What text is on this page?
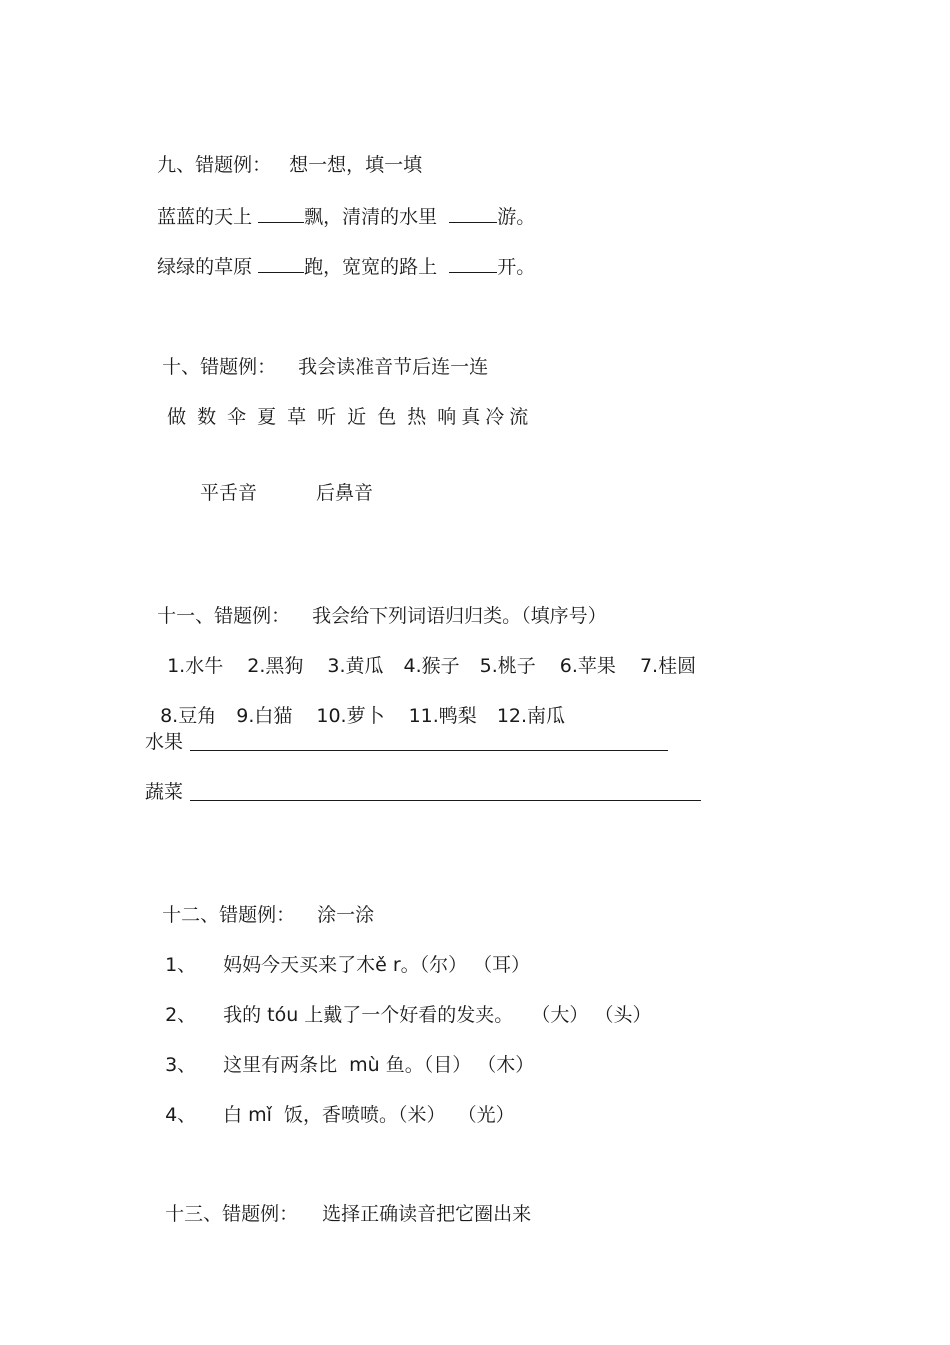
九、错题例： 想一想，填一填

蓝蓝的天上	飘，清清的水里	游。

绿绿的草原	跑，宽宽的路上	开。

十、错题例： 我会读准音节后连一连

做 数 伞 夏 草 听 近 色 热 响 真 冷 流

平舌音	后鼻音

十一、错题例： 我会给下列词语归归类。（填序号）

1.水牛 2.黑狗 3.黄瓜 4.猴子 5.桃子 6.苹果 7.桂圆

8.豆角 9.白猫 10.萝卜 11.鸭梨 12.南瓜

水果
蔬菜

十二、错题例： 涂一涂

1、 妈妈今天买来了木ě r。（尔） （耳）

2、 我的 tóu 上戴了一个好看的发夹。   （大） （头）

3、 这里有两条比  mù 鱼。（目） （木）

4、 白 mǐ  饭，香喷喷。（米）  （光）

十三、错题例： 选择正确读音把它圈出来
